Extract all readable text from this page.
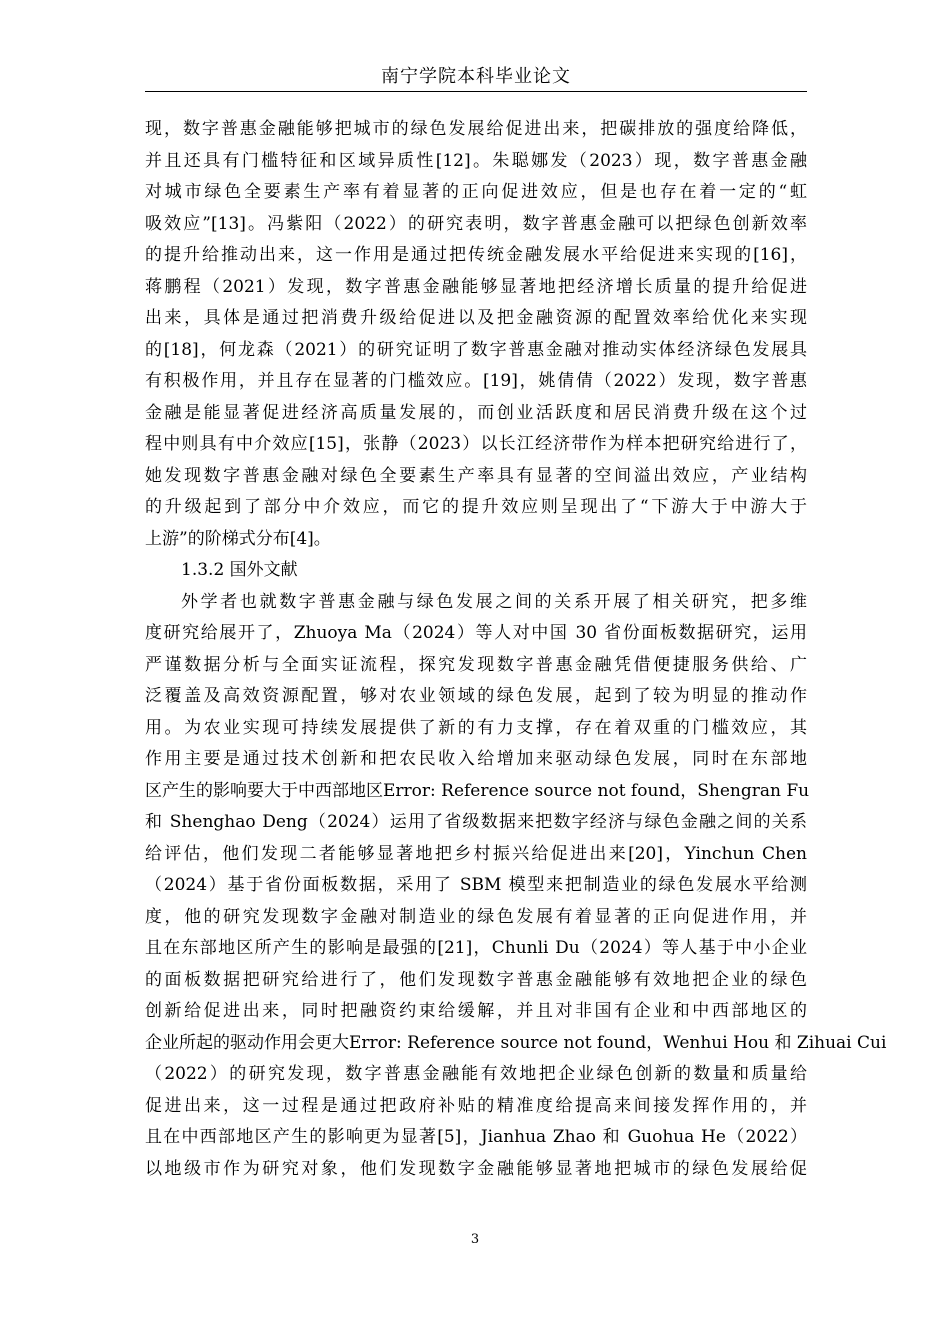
南宁学院本科毕业论文
现，数字普惠金融能够把城市的绿色发展给促进出来，把碳排放的强度给降低，
并且还具有门槛特征和区域异质性[12]。朱聪娜发（2023）现，数字普惠金融
对城市绿色全要素生产率有着显著的正向促进效应，但是也存在着一定的“虹
吸效应”[13]。冯紫阳（2022）的研究表明，数字普惠金融可以把绿色创新效率
的提升给推动出来，这一作用是通过把传统金融发展水平给促进来实现的[16]，
蒋鹏程（2021）发现，数字普惠金融能够显著地把经济增长质量的提升给促进
出来，具体是通过把消费升级给促进以及把金融资源的配置效率给优化来实现
的[18]，何龙森（2021）的研究证明了数字普惠金融对推动实体经济绿色发展具
有积极作用，并且存在显著的门槛效应。[19]，姚倩倩（2022）发现，数字普惠
金融是能显著促进经济高质量发展的，而创业活跃度和居民消费升级在这个过
程中则具有中介效应[15]，张静（2023）以长江经济带作为样本把研究给进行了，
她发现数字普惠金融对绿色全要素生产率具有显著的空间溢出效应，产业结构
的升级起到了部分中介效应，而它的提升效应则呈现出了“下游大于中游大于
上游”的阶梯式分布[4]。
1.3.2 国外文献
外学者也就数字普惠金融与绿色发展之间的关系开展了相关研究，把多维
度研究给展开了，Zhuoya Ma（2024）等人对中国 30 省份面板数据研究，运用
严谨数据分析与全面实证流程，探究发现数字普惠金融凭借便捷服务供给、广
泛覆盖及高效资源配置，够对农业领域的绿色发展，起到了较为明显的推动作
用。为农业实现可持续发展提供了新的有力支撑，存在着双重的门槛效应，其
作用主要是通过技术创新和把农民收入给增加来驱动绿色发展，同时在东部地
区产生的影响要大于中西部地区Error: Reference source not found，Shengran Fu
和 Shenghao Deng（2024）运用了省级数据来把数字经济与绿色金融之间的关系
给评估，他们发现二者能够显著地把乡村振兴给促进出来[20]，Yinchun Chen
（2024）基于省份面板数据，采用了 SBM 模型来把制造业的绿色发展水平给测
度，他的研究发现数字金融对制造业的绿色发展有着显著的正向促进作用，并
且在东部地区所产生的影响是最强的[21]，Chunli Du（2024）等人基于中小企业
的面板数据把研究给进行了，他们发现数字普惠金融能够有效地把企业的绿色
创新给促进出来，同时把融资约束给缓解，并且对非国有企业和中西部地区的
企业所起的驱动作用会更大Error: Reference source not found，Wenhui Hou 和 Zihuai Cui
（2022）的研究发现，数字普惠金融能有效地把企业绿色创新的数量和质量给
促进出来，这一过程是通过把政府补贴的精准度给提高来间接发挥作用的，并
且在中西部地区产生的影响更为显著[5]，Jianhua Zhao 和 Guohua He（2022）
以地级市作为研究对象，他们发现数字金融能够显著地把城市的绿色发展给促
3
